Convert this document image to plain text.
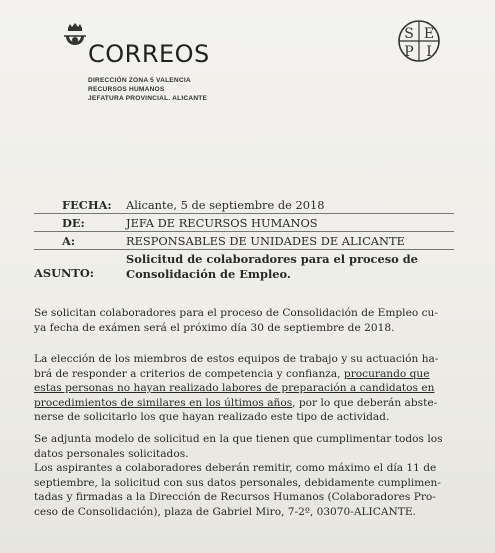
CORREOS
S E
P I
DIRECCIÓN ZONA 5 VALENCIA
RECURSOS HUMANOS
JEFATURA PROVINCIAL. ALICANTE
FECHA: Alicante, 5 de septiembre de 2018
DE:	JEFA DE RECURSOS HUMANOS
A:	RESPONSABLES DE UNIDADES DE ALICANTE
ASUNTO:
Solicitud de colaboradores para el proceso de
Consolidación de Empleo.

Se solicitan colaboradores para el proceso de Consolidación de Empleo cu-

ya fecha de exámen será el próximo día 30 de septiembre de 2018.

La elección de los miembros de estos equipos de trabajo y su actuación ha-

brá de responder a criterios de competencia y confianza, procurando que

estas personas no hayan realizado labores de preparación a candidatos en

procedimientos de similares en los últimos años, por lo que deberán abste-

nerse de solicitarlo los que hayan realizado este tipo de actividad.

Se adjunta modelo de solicitud en la que tienen que cumplimentar todos los

datos personales solicitados.

Los aspirantes a colaboradores deberán remitir, como máximo el día 11 de

septiembre, la solicitud con sus datos personales, debidamente cumplimen-

tadas y firmadas a la Dirección de Recursos Humanos (Colaboradores Pro-

ceso de Consolidación), plaza de Gabriel Miro, 7-2º, 03070-ALICANTE.
